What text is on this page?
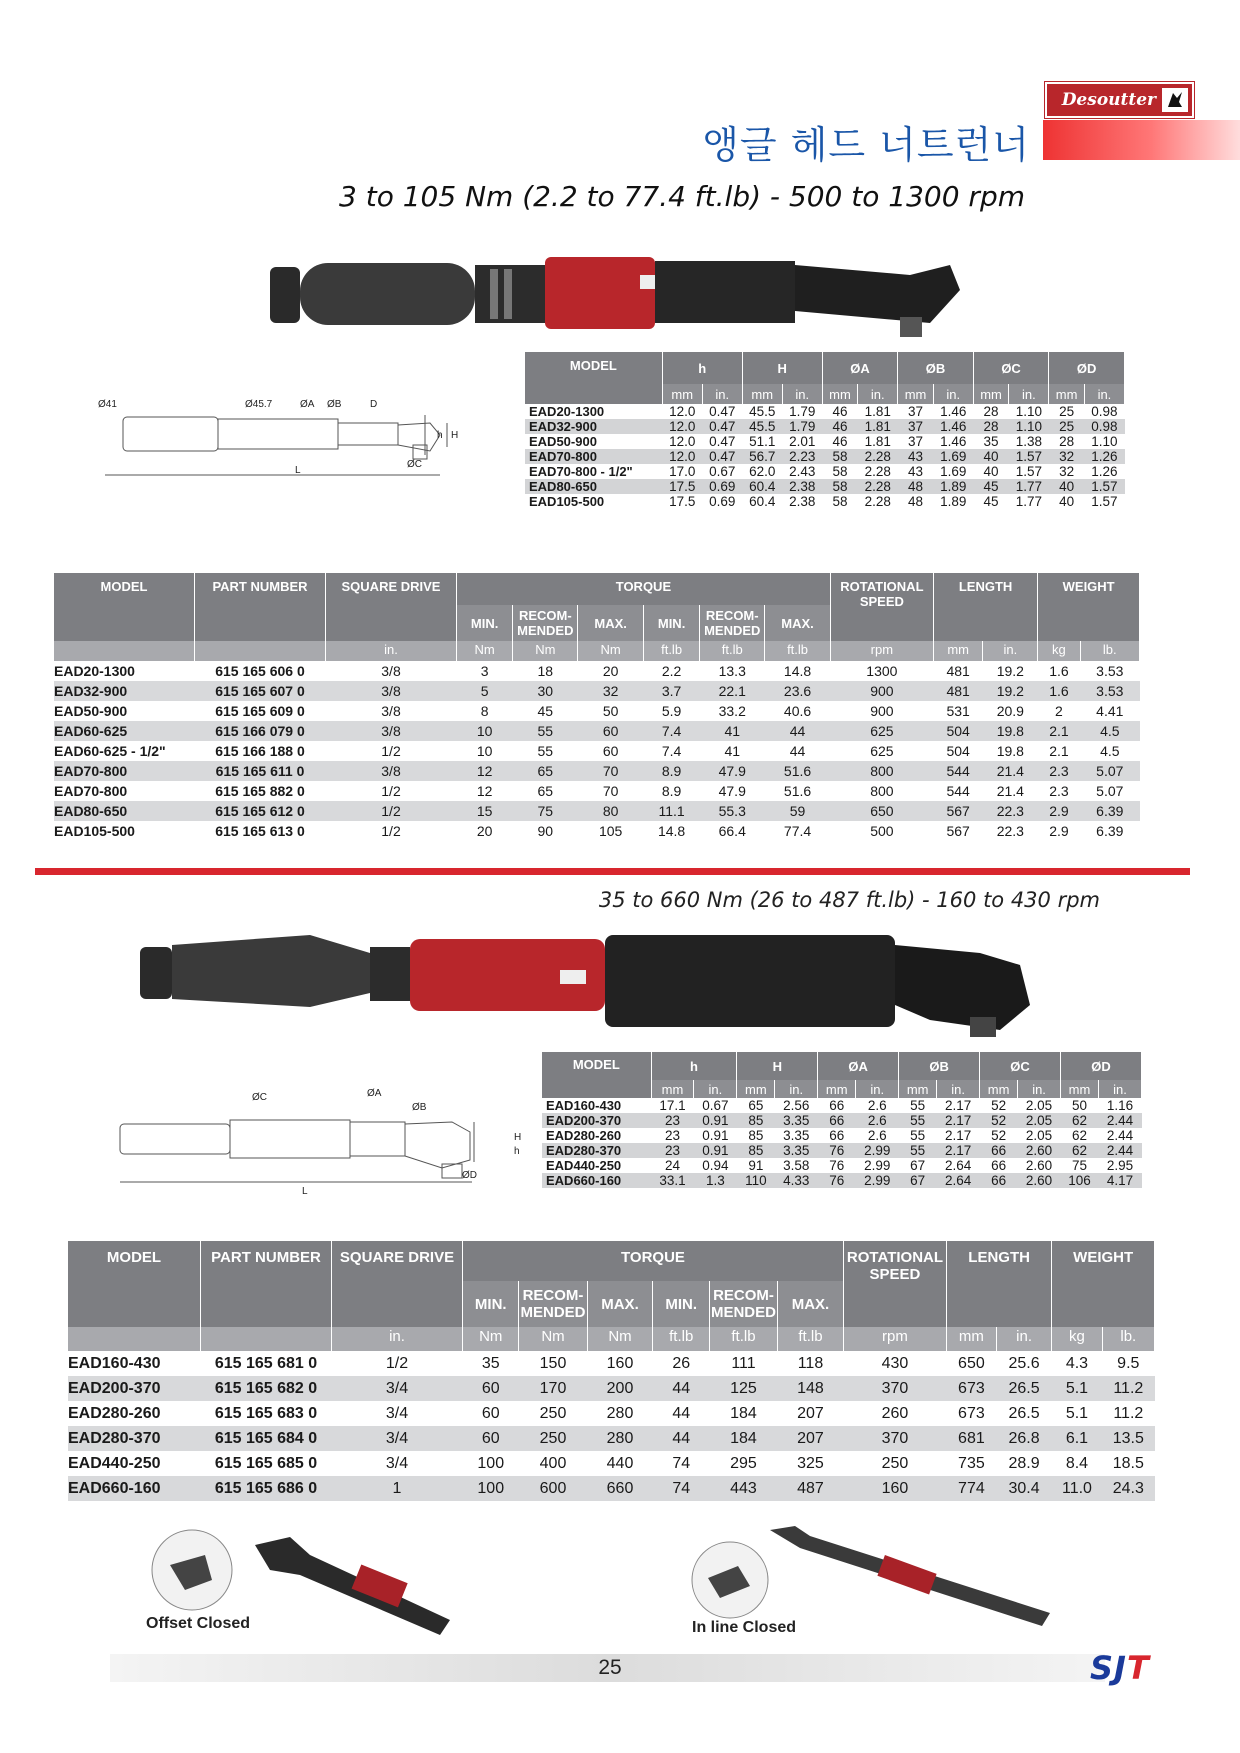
Desoutter
앵글 헤드 너트런너
3 to 105 Nm (2.2 to 77.4 ft.lb) - 500 to 1300 rpm
Ø41	Ø45.7	ØA ØB	D
h H
ØC
L
MODEL	h		H		ØA		ØB		ØC		ØD	
	mm	in.	mm	in.	mm	in.	mm	in.	mm	in.	mm	in.
EAD20-1300	12.0	0.47	45.5	1.79	46	1.81	37	1.46	28	1.10	25	0.98
EAD32-900	12.0	0.47	45.5	1.79	46	1.81	37	1.46	28	1.10	25	0.98
EAD50-900	12.0	0.47	51.1	2.01	46	1.81	37	1.46	35	1.38	28	1.10
EAD70-800	12.0	0.47	56.7	2.23	58	2.28	43	1.69	40	1.57	32	1.26
EAD70-800 - 1/2"	17.0	0.67	62.0	2.43	58	2.28	43	1.69	40	1.57	32	1.26
EAD80-650	17.5	0.69	60.4	2.38	58	2.28	48	1.89	45	1.77	40	1.57
EAD105-500	17.5	0.69	60.4	2.38	58	2.28	48	1.89	45	1.77	40	1.57
MODEL	PART NUMBER	SQUARE DRIVE	TORQUE						ROTATIONAL SPEED	LENGTH		WEIGHT	
			MIN.	RECOM-MENDED	MAX.	MIN.	RECOM-MENDED	MAX.					
		in.	Nm	Nm	Nm	ft.lb	ft.lb	ft.lb	rpm	mm	in.	kg	lb.
EAD20-1300	615 165 606 0	3/8	3	18	20	2.2	13.3	14.8	1300	481	19.2	1.6	3.53
EAD32-900	615 165 607 0	3/8	5	30	32	3.7	22.1	23.6	900	481	19.2	1.6	3.53
EAD50-900	615 165 609 0	3/8	8	45	50	5.9	33.2	40.6	900	531	20.9	2	4.41
EAD60-625	615 166 079 0	3/8	10	55	60	7.4	41	44	625	504	19.8	2.1	4.5
EAD60-625 - 1/2"	615 166 188 0	1/2	10	55	60	7.4	41	44	625	504	19.8	2.1	4.5
EAD70-800	615 165 611 0	3/8	12	65	70	8.9	47.9	51.6	800	544	21.4	2.3	5.07
EAD70-800	615 165 882 0	1/2	12	65	70	8.9	47.9	51.6	800	544	21.4	2.3	5.07
EAD80-650	615 165 612 0	1/2	15	75	80	11.1	55.3	59	650	567	22.3	2.9	6.39
EAD105-500	615 165 613 0	1/2	20	90	105	14.8	66.4	77.4	500	567	22.3	2.9	6.39
35 to 660 Nm (26 to 487 ft.lb) - 160 to 430 rpm
ØC	ØA
ØB
H
h
L
ØD
MODEL	h		H		ØA		ØB		ØC		ØD	
	mm	in.	mm	in.	mm	in.	mm	in.	mm	in.	mm	in.
EAD160-430	17.1	0.67	65	2.56	66	2.6	55	2.17	52	2.05	50	1.16
EAD200-370	23	0.91	85	3.35	66	2.6	55	2.17	52	2.05	62	2.44
EAD280-260	23	0.91	85	3.35	66	2.6	55	2.17	52	2.05	62	2.44
EAD280-370	23	0.91	85	3.35	76	2.99	55	2.17	66	2.60	62	2.44
EAD440-250	24	0.94	91	3.58	76	2.99	67	2.64	66	2.60	75	2.95
EAD660-160	33.1	1.3	110	4.33	76	2.99	67	2.64	66	2.60	106	4.17
MODEL	PART NUMBER	SQUARE DRIVE	TORQUE						ROTATIONAL SPEED	LENGTH		WEIGHT	
			MIN.	RECOM-MENDED	MAX.	MIN.	RECOM-MENDED	MAX.					
		in.	Nm	Nm	Nm	ft.lb	ft.lb	ft.lb	rpm	mm	in.	kg	lb.
EAD160-430	615 165 681 0	1/2	35	150	160	26	111	118	430	650	25.6	4.3	9.5
EAD200-370	615 165 682 0	3/4	60	170	200	44	125	148	370	673	26.5	5.1	11.2
EAD280-260	615 165 683 0	3/4	60	250	280	44	184	207	260	673	26.5	5.1	11.2
EAD280-370	615 165 684 0	3/4	60	250	280	44	184	207	370	681	26.8	6.1	13.5
EAD440-250	615 165 685 0	3/4	100	400	440	74	295	325	250	735	28.9	8.4	18.5
EAD660-160	615 165 686 0	1	100	600	660	74	443	487	160	774	30.4	11.0	24.3
Offset Closed	In line Closed
25	SJT
